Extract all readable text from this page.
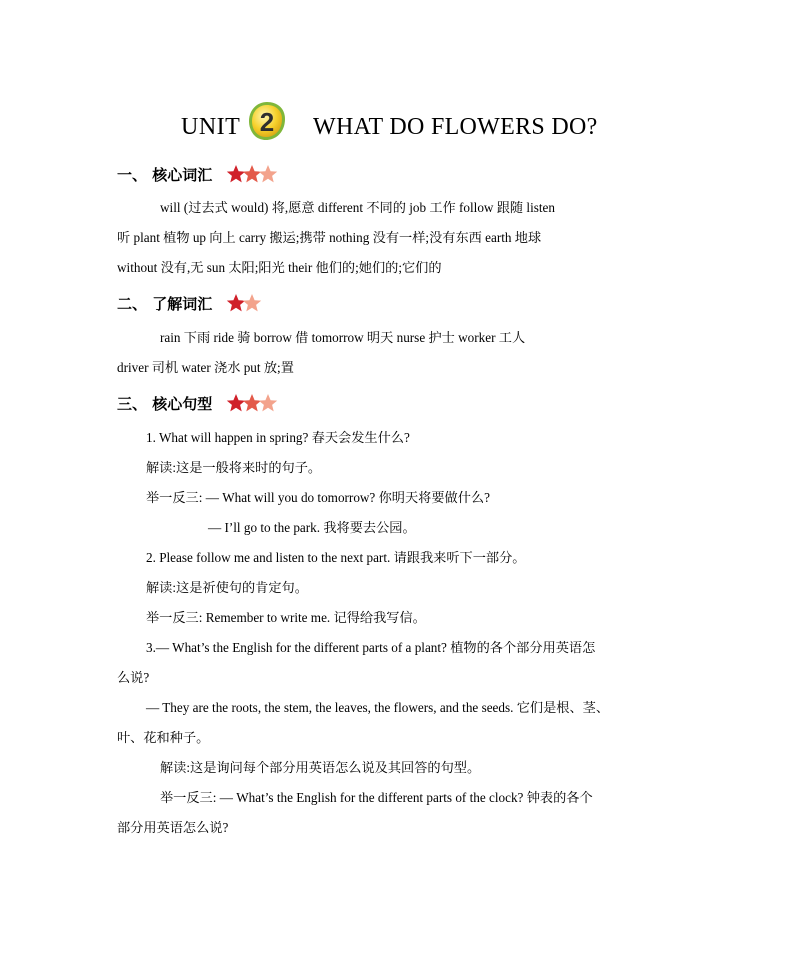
UNIT 2 WHAT DO FLOWERS DO?
一、 核心词汇
will (过去式 would) 将,愿意 different 不同的 job 工作 follow 跟随 listen
听 plant 植物 up 向上 carry 搬运;携带 nothing 没有一样;没有东西 earth 地球
without 没有,无 sun 太阳;阳光 their 他们的;她们的;它们的
二、 了解词汇
rain 下雨 ride 骑 borrow 借 tomorrow 明天 nurse 护士 worker 工人
driver 司机 water 浇水 put 放;置
三、 核心句型
1. What will happen in spring? 春天会发生什么?
解读:这是一般将来时的句子。
举一反三: — What will you do tomorrow? 你明天将要做什么?
— I’ll go to the park. 我将要去公园。
2. Please follow me and listen to the next part. 请跟我来听下一部分。
解读:这是祈使句的肯定句。
举一反三: Remember to write me. 记得给我写信。
3.— What’s the English for the different parts of a plant? 植物的各个部分用英语怎
么说?
— They are the roots, the stem, the leaves, the flowers, and the seeds. 它们是根、茎、
叶、花和种子。
解读:这是询问每个部分用英语怎么说及其回答的句型。
举一反三: — What’s the English for the different parts of the clock? 钟表的各个
部分用英语怎么说?
